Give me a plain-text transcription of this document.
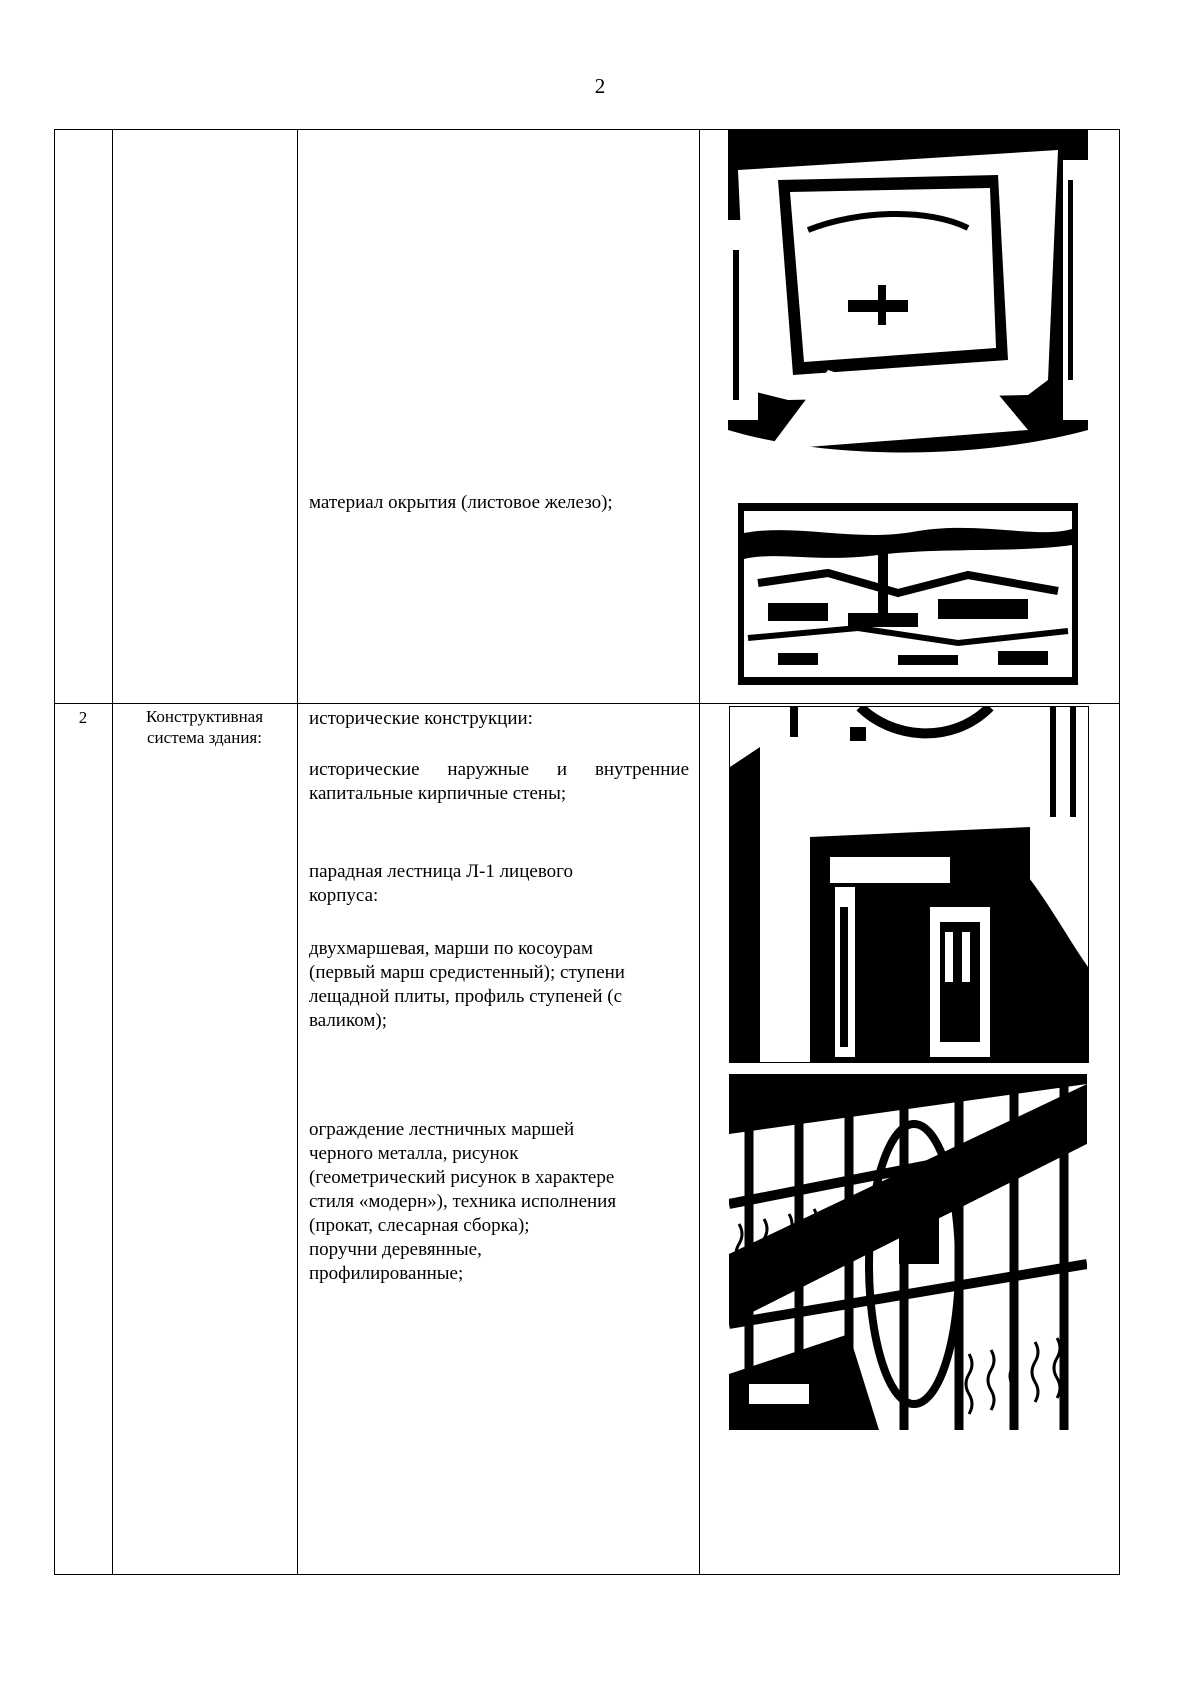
2
материал окрытия (листовое железо);
2	Конструктивная
система здания:
исторические конструкции:
исторические наружные и внутренние
капитальные кирпичные стены;
парадная лестница Л-1 лицевого
корпуса:
двухмаршевая, марши по косоурам
(первый марш средистенный); ступени
лещадной плиты, профиль ступеней (с
валиком);
ограждение лестничных маршей
черного металла, рисунок
(геометрический рисунок в характере
стиля «модерн»), техника исполнения
(прокат, слесарная сборка);
поручни деревянные,
профилированные;
